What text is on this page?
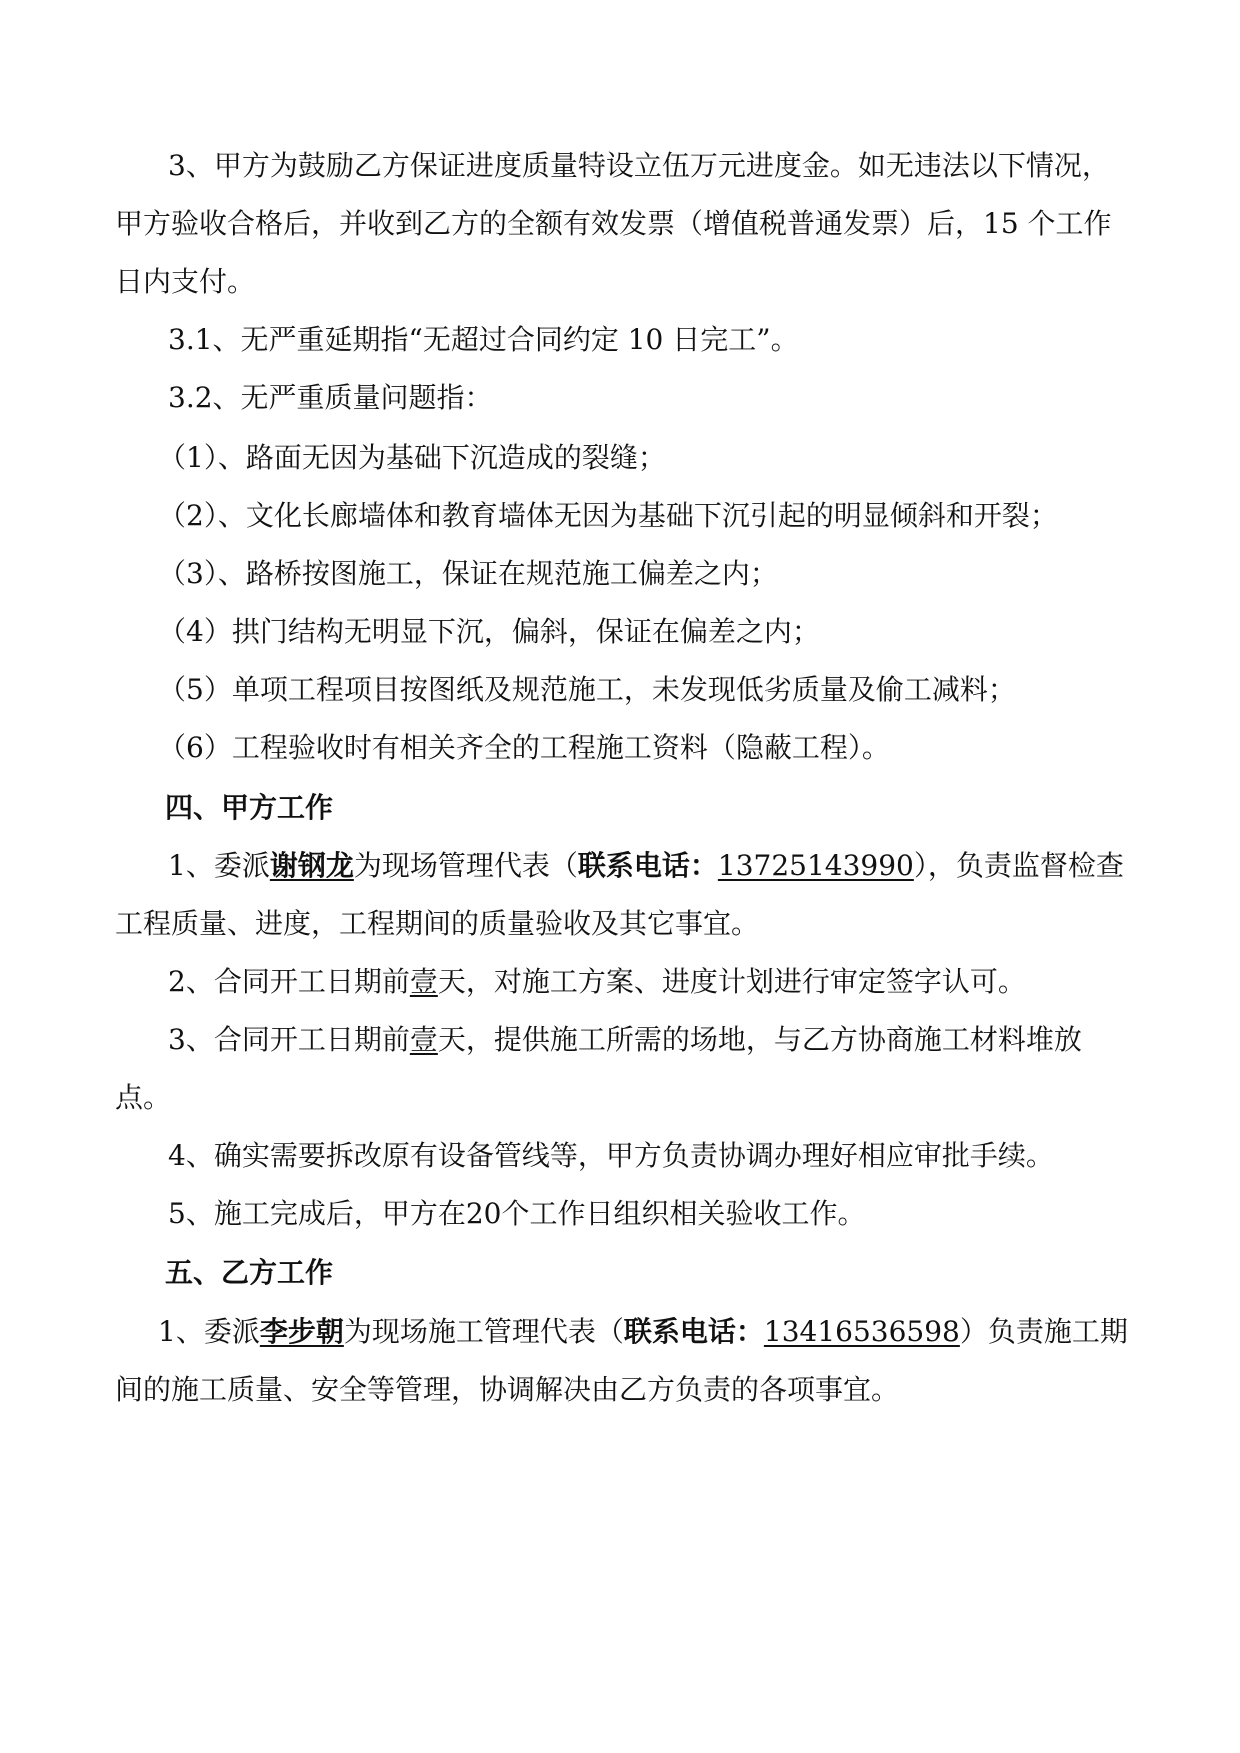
3、甲方为鼓励乙方保证进度质量特设立伍万元进度金。如无违法以下情况，
甲方验收合格后，并收到乙方的全额有效发票（增值税普通发票）后，15 个工作
日内支付。
3.1、无严重延期指“无超过合同约定 10 日完工”。
3.2、无严重质量问题指：
（1）、路面无因为基础下沉造成的裂缝；
（2）、文化长廊墙体和教育墙体无因为基础下沉引起的明显倾斜和开裂；
（3）、路桥按图施工，保证在规范施工偏差之内；
（4）拱门结构无明显下沉，偏斜，保证在偏差之内；
（5）单项工程项目按图纸及规范施工，未发现低劣质量及偷工减料；
（6）工程验收时有相关齐全的工程施工资料（隐蔽工程）。
四、甲方工作
1、委派谢钢龙为现场管理代表（联系电话：13725143990），负责监督检查
工程质量、进度，工程期间的质量验收及其它事宜。
2、合同开工日期前壹天，对施工方案、进度计划进行审定签字认可。
3、合同开工日期前壹天，提供施工所需的场地，与乙方协商施工材料堆放
点。
4、确实需要拆改原有设备管线等，甲方负责协调办理好相应审批手续。
5、施工完成后，甲方在20个工作日组织相关验收工作。
五、乙方工作
1、委派李步朝为现场施工管理代表（联系电话：13416536598）负责施工期
间的施工质量、安全等管理，协调解决由乙方负责的各项事宜。
